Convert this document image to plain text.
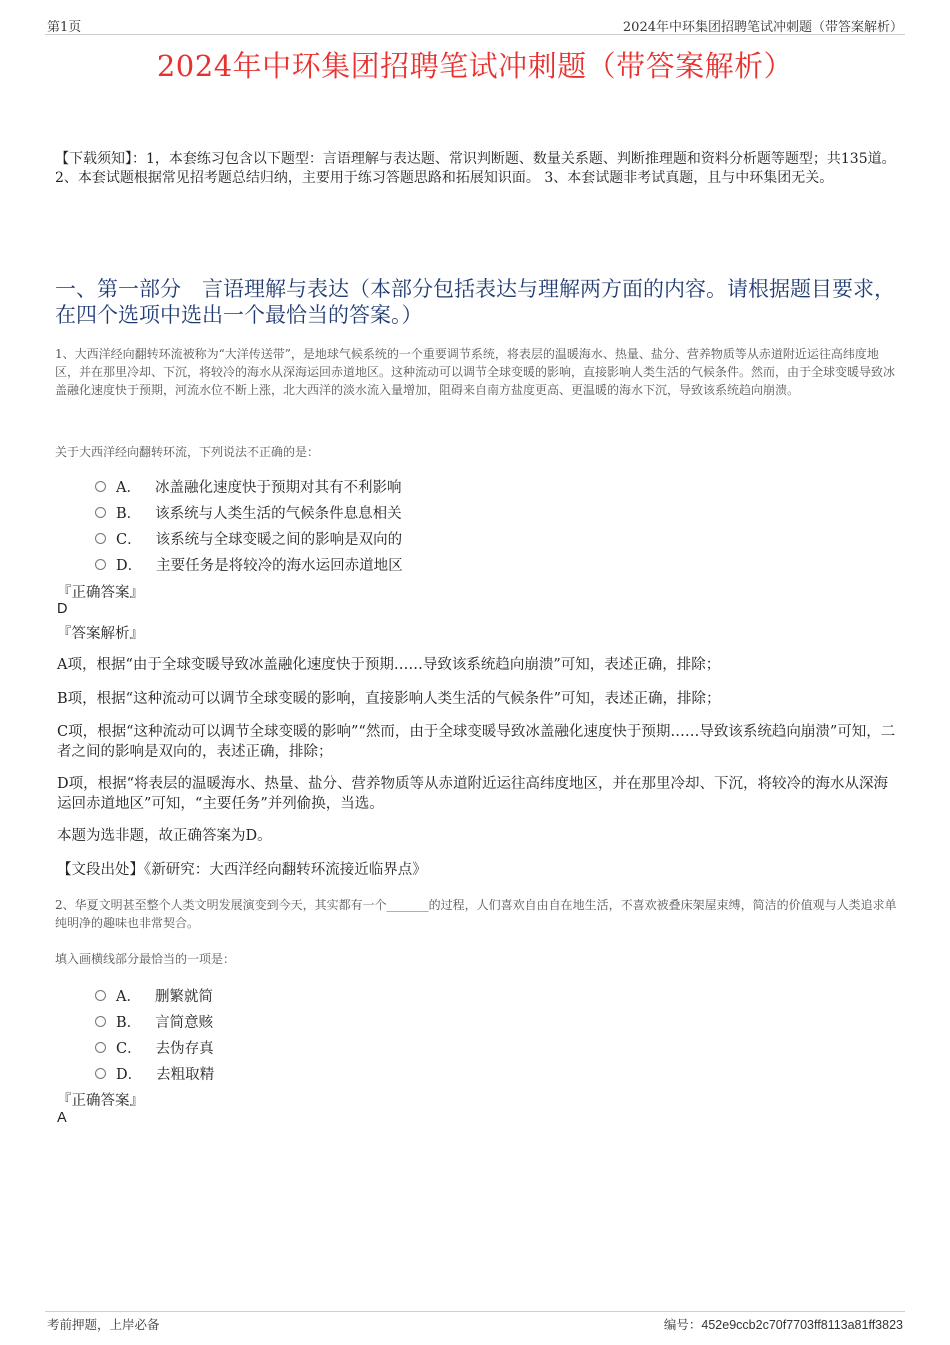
第1页	2024年中环集团招聘笔试冲刺题（带答案解析）
2024年中环集团招聘笔试冲刺题（带答案解析）
【下载须知】：1，本套练习包含以下题型：言语理解与表达题、常识判断题、数量关系题、判断推理题和资料分析题等题型；共135道。 2、本套试题根据常见招考题总结归纳，主要用于练习答题思路和拓展知识面。 3、本套试题非考试真题，且与中环集团无关。
一、第一部分　言语理解与表达（本部分包括表达与理解两方面的内容。请根据题目要求，在四个选项中选出一个最恰当的答案。）
1、大西洋经向翻转环流被称为“大洋传送带”，是地球气候系统的一个重要调节系统，将表层的温暖海水、热量、盐分、营养物质等从赤道附近运往高纬度地区，并在那里冷却、下沉，将较冷的海水从深海运回赤道地区。这种流动可以调节全球变暖的影响，直接影响人类生活的气候条件。然而，由于全球变暖导致冰盖融化速度快于预期，河流水位不断上涨，北大西洋的淡水流入量增加，阻碍来自南方盐度更高、更温暖的海水下沉，导致该系统趋向崩溃。
关于大西洋经向翻转环流，下列说法不正确的是：
A． 冰盖融化速度快于预期对其有不利影响
B． 该系统与人类生活的气候条件息息相关
C． 该系统与全球变暖之间的影响是双向的
D． 主要任务是将较冷的海水运回赤道地区
『正确答案』
D
『答案解析』
A项，根据“由于全球变暖导致冰盖融化速度快于预期……导致该系统趋向崩溃”可知，表述正确，排除；
B项，根据“这种流动可以调节全球变暖的影响，直接影响人类生活的气候条件”可知，表述正确，排除；
C项，根据“这种流动可以调节全球变暖的影响”“然而，由于全球变暖导致冰盖融化速度快于预期……导致该系统趋向崩溃”可知，二者之间的影响是双向的，表述正确，排除；
D项，根据“将表层的温暖海水、热量、盐分、营养物质等从赤道附近运往高纬度地区，并在那里冷却、下沉，将较冷的海水从深海运回赤道地区”可知，“主要任务”并列偷换，当选。
本题为选非题，故正确答案为D。
【文段出处】《新研究：大西洋经向翻转环流接近临界点》
2、华夏文明甚至整个人类文明发展演变到今天，其实都有一个_______的过程，人们喜欢自由自在地生活，不喜欢被叠床架屋束缚，简洁的价值观与人类追求单纯明净的趣味也非常契合。
填入画横线部分最恰当的一项是：
A． 删繁就简
B． 言简意赅
C． 去伪存真
D． 去粗取精
『正确答案』
A
考前押题，上岸必备	编号：452e9ccb2c70f7703ff8113a81ff3823
